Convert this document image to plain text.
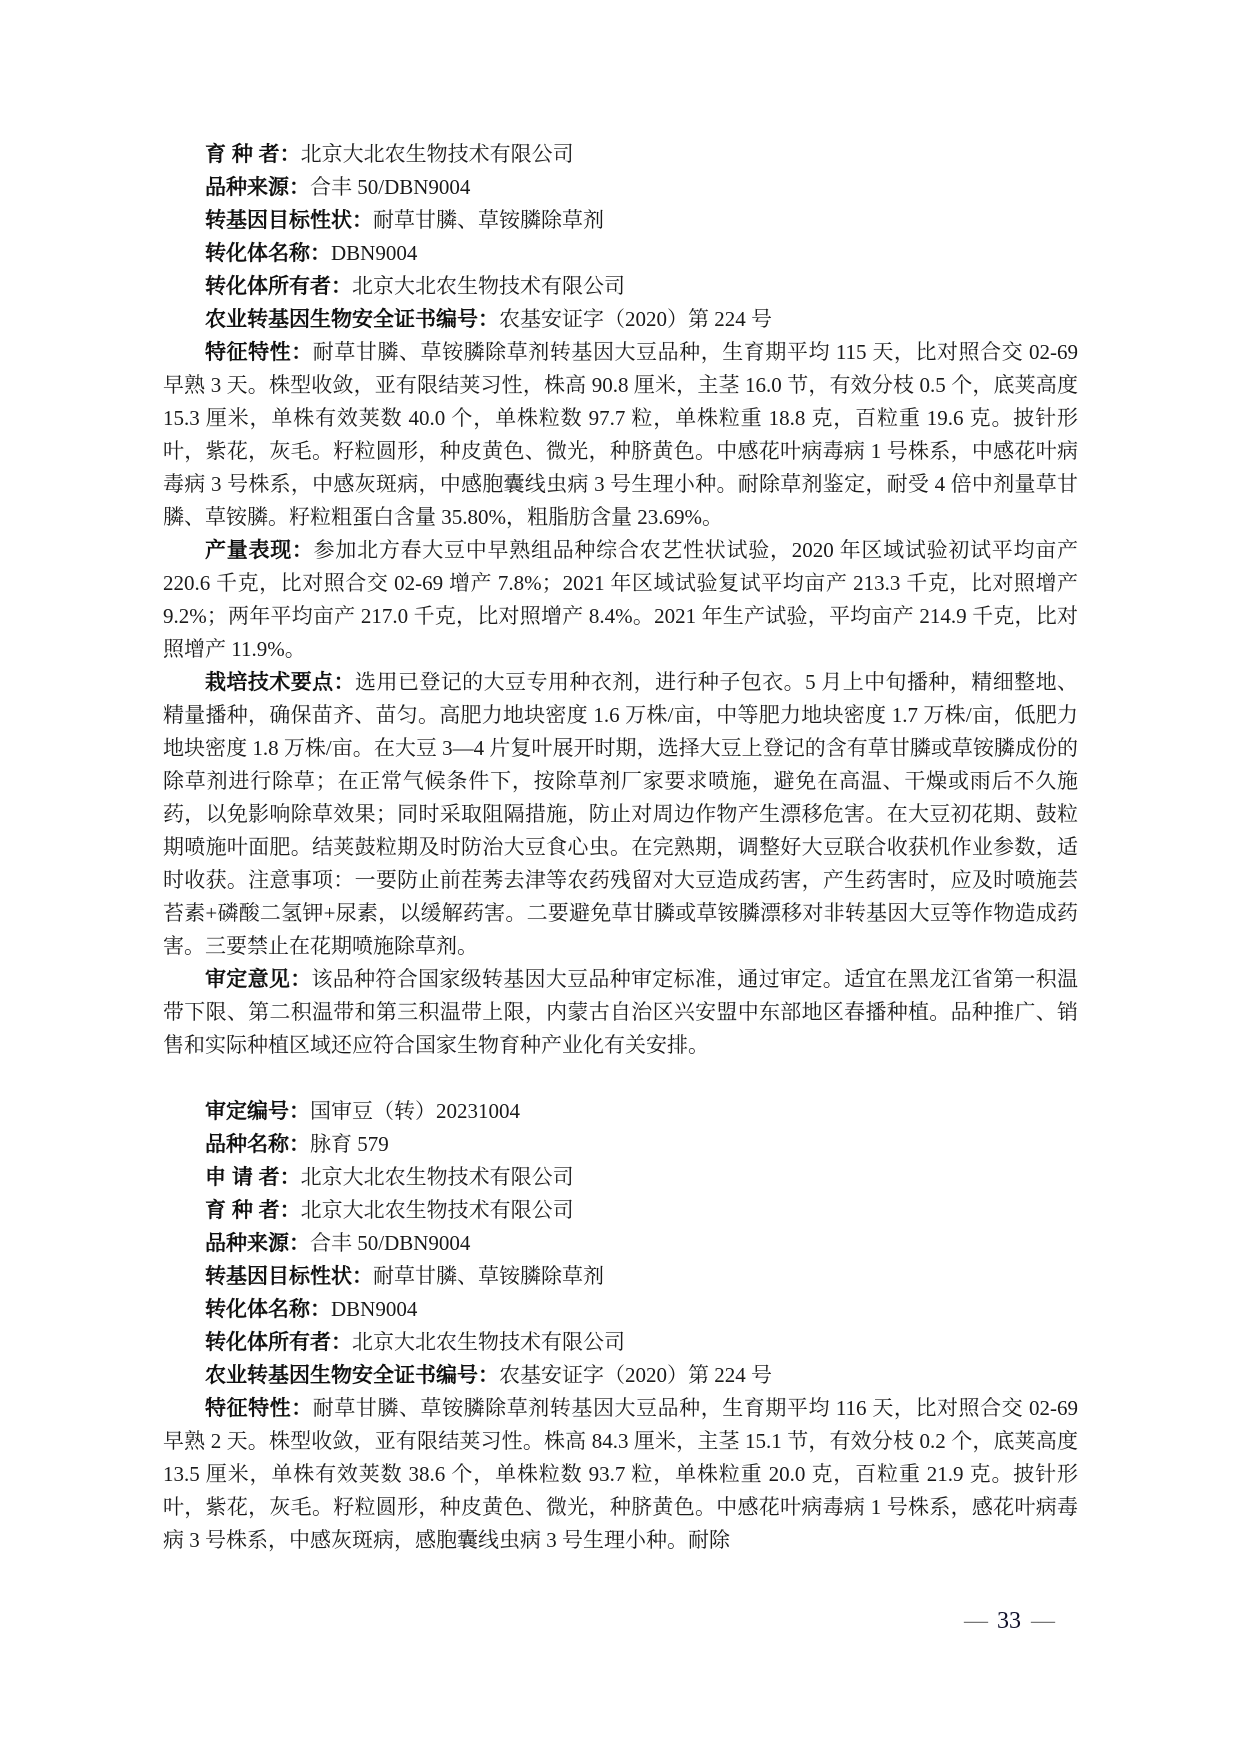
育 种 者：北京大北农生物技术有限公司

品种来源：合丰 50/DBN9004

转基因目标性状：耐草甘膦、草铵膦除草剂

转化体名称：DBN9004

转化体所有者：北京大北农生物技术有限公司

农业转基因生物安全证书编号：农基安证字（2020）第 224 号

特征特性：耐草甘膦、草铵膦除草剂转基因大豆品种，生育期平均 115 天，比对照合交 02-69 早熟 3 天。株型收敛，亚有限结荚习性，株高 90.8 厘米，主茎 16.0 节，有效分枝 0.5 个，底荚高度 15.3 厘米，单株有效荚数 40.0 个，单株粒数 97.7 粒，单株粒重 18.8 克，百粒重 19.6 克。披针形叶，紫花，灰毛。籽粒圆形，种皮黄色、微光，种脐黄色。中感花叶病毒病 1 号株系，中感花叶病毒病 3 号株系，中感灰斑病，中感胞囊线虫病 3 号生理小种。耐除草剂鉴定，耐受 4 倍中剂量草甘膦、草铵膦。籽粒粗蛋白含量 35.80%，粗脂肪含量 23.69%。

产量表现：参加北方春大豆中早熟组品种综合农艺性状试验，2020 年区域试验初试平均亩产 220.6 千克，比对照合交 02-69 增产 7.8%；2021 年区域试验复试平均亩产 213.3 千克，比对照增产 9.2%；两年平均亩产 217.0 千克，比对照增产 8.4%。2021 年生产试验，平均亩产 214.9 千克，比对照增产 11.9%。

栽培技术要点：选用已登记的大豆专用种衣剂，进行种子包衣。5 月上中旬播种，精细整地、精量播种，确保苗齐、苗匀。高肥力地块密度 1.6 万株/亩，中等肥力地块密度 1.7 万株/亩，低肥力地块密度 1.8 万株/亩。在大豆 3—4 片复叶展开时期，选择大豆上登记的含有草甘膦或草铵膦成份的除草剂进行除草；在正常气候条件下，按除草剂厂家要求喷施，避免在高温、干燥或雨后不久施药，以免影响除草效果；同时采取阻隔措施，防止对周边作物产生漂移危害。在大豆初花期、鼓粒期喷施叶面肥。结荚鼓粒期及时防治大豆食心虫。在完熟期，调整好大豆联合收获机作业参数，适时收获。注意事项：一要防止前茬莠去津等农药残留对大豆造成药害，产生药害时，应及时喷施芸苔素+磷酸二氢钾+尿素，以缓解药害。二要避免草甘膦或草铵膦漂移对非转基因大豆等作物造成药害。三要禁止在花期喷施除草剂。

审定意见：该品种符合国家级转基因大豆品种审定标准，通过审定。适宜在黑龙江省第一积温带下限、第二积温带和第三积温带上限，内蒙古自治区兴安盟中东部地区春播种植。品种推广、销售和实际种植区域还应符合国家生物育种产业化有关安排。

审定编号：国审豆（转）20231004

品种名称：脉育 579

申 请 者：北京大北农生物技术有限公司

育 种 者：北京大北农生物技术有限公司

品种来源：合丰 50/DBN9004

转基因目标性状：耐草甘膦、草铵膦除草剂

转化体名称：DBN9004

转化体所有者：北京大北农生物技术有限公司

农业转基因生物安全证书编号：农基安证字（2020）第 224 号

特征特性：耐草甘膦、草铵膦除草剂转基因大豆品种，生育期平均 116 天，比对照合交 02-69 早熟 2 天。株型收敛，亚有限结荚习性。株高 84.3 厘米，主茎 15.1 节，有效分枝 0.2 个，底荚高度 13.5 厘米，单株有效荚数 38.6 个，单株粒数 93.7 粒，单株粒重 20.0 克，百粒重 21.9 克。披针形叶，紫花，灰毛。籽粒圆形，种皮黄色、微光，种脐黄色。中感花叶病毒病 1 号株系，感花叶病毒病 3 号株系，中感灰斑病，感胞囊线虫病 3 号生理小种。耐除

— 33 —
